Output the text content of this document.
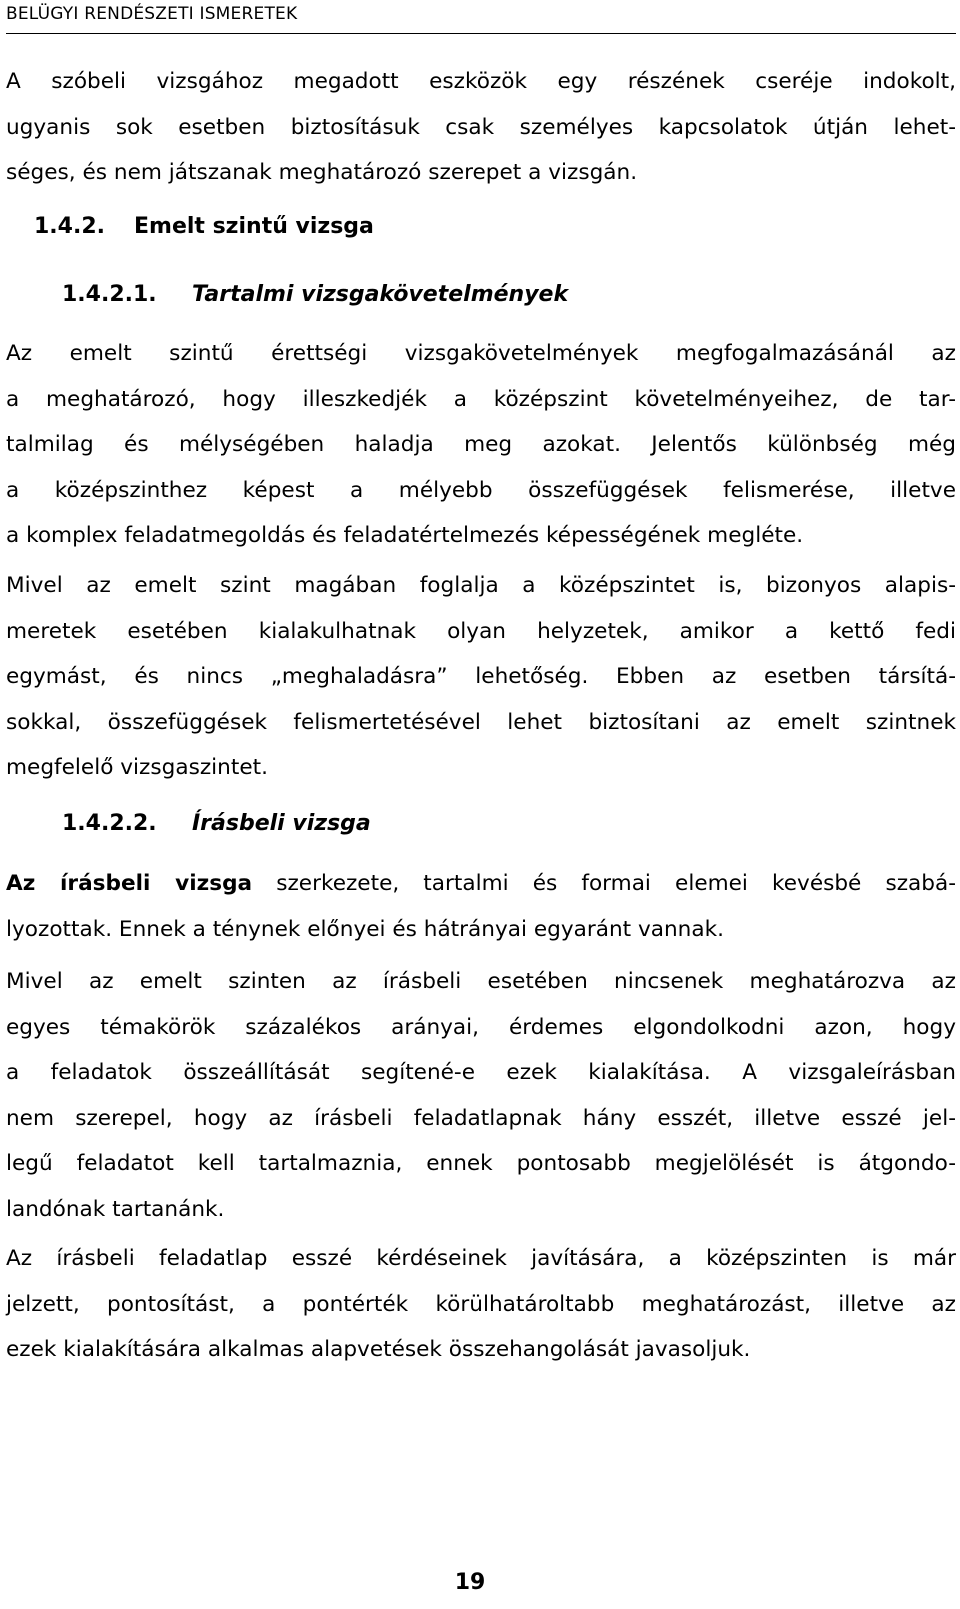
BELÜGYI RENDÉSZETI ISMERETEK
A szóbeli vizsgához megadott eszközök egy részének cseréje indokolt,
ugyanis sok esetben biztosításuk csak személyes kapcsolatok útján lehet-
séges, és nem játszanak meghatározó szerepet a vizsgán.
1.4.2. Emelt szintű vizsga
1.4.2.1. Tartalmi vizsgakövetelmények
Az emelt szintű érettségi vizsgakövetelmények megfogalmazásánál az
a meghatározó, hogy illeszkedjék a középszint követelményeihez, de tar-
talmilag és mélységében haladja meg azokat. Jelentős különbség még
a középszinthez képest a mélyebb összefüggések felismerése, illetve
a komplex feladatmegoldás és feladatértelmezés képességének megléte.
Mivel az emelt szint magában foglalja a középszintet is, bizonyos alapis-
meretek esetében kialakulhatnak olyan helyzetek, amikor a kettő fedi
egymást, és nincs „meghaladásra” lehetőség. Ebben az esetben társítá-
sokkal, összefüggések felismertetésével lehet biztosítani az emelt szintnek
megfelelő vizsgaszintet.
1.4.2.2. Írásbeli vizsga
Az írásbeli vizsga szerkezete, tartalmi és formai elemei kevésbé szabá-
lyozottak. Ennek a ténynek előnyei és hátrányai egyaránt vannak.
Mivel az emelt szinten az írásbeli esetében nincsenek meghatározva az
egyes témakörök százalékos arányai, érdemes elgondolkodni azon, hogy
a feladatok összeállítását segítené-e ezek kialakítása. A vizsgaleírásban
nem szerepel, hogy az írásbeli feladatlapnak hány esszét, illetve esszé jel-
legű feladatot kell tartalmaznia, ennek pontosabb megjelölését is átgondo-
landónak tartanánk.
Az írásbeli feladatlap esszé kérdéseinek javítására, a középszinten is már
jelzett, pontosítást, a pontérték körülhatároltabb meghatározást, illetve az
ezek kialakítására alkalmas alapvetések összehangolását javasoljuk.
19
